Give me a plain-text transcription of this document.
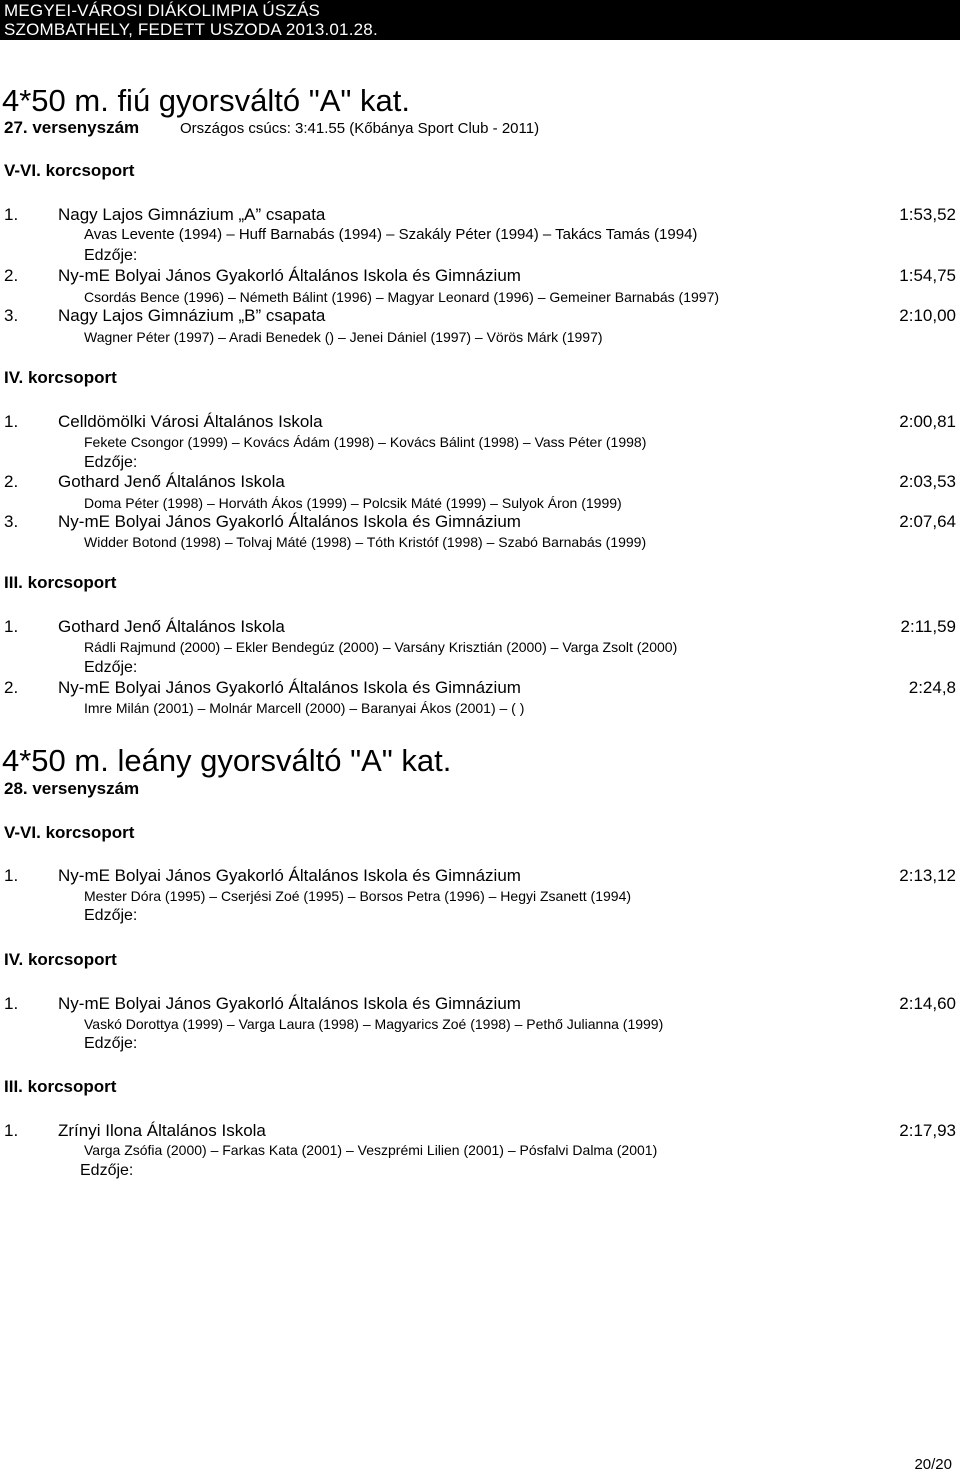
MEGYEI-VÁROSI DIÁKOLIMPIA ÚSZÁS
SZOMBATHELY, FEDETT USZODA 2013.01.28.
4*50 m. fiú gyorsváltó "A" kat.
27. versenyszám	Országos csúcs: 3:41.55 (Kőbánya Sport Club - 2011)
V-VI. korcsoport
1. Nagy Lajos Gimnázium „A” csapata	1:53,52
Avas Levente (1994) – Huff Barnabás (1994) – Szakály Péter (1994) – Takács Tamás (1994)
Edzője:
2. Ny-mE Bolyai János Gyakorló Általános Iskola és Gimnázium	1:54,75
Csordás Bence (1996) – Németh Bálint (1996) – Magyar Leonard (1996) – Gemeiner Barnabás (1997)
3. Nagy Lajos Gimnázium „B” csapata	2:10,00
Wagner Péter (1997) – Aradi Benedek () – Jenei Dániel (1997) – Vörös Márk (1997)
IV. korcsoport
1. Celldömölki Városi Általános Iskola	2:00,81
Fekete Csongor (1999) – Kovács Ádám (1998) – Kovács Bálint (1998) – Vass Péter (1998)
Edzője:
2. Gothard Jenő Általános Iskola	2:03,53
Doma Péter (1998) – Horváth Ákos (1999) – Polcsik Máté (1999) – Sulyok Áron (1999)
3. Ny-mE Bolyai János Gyakorló Általános Iskola és Gimnázium	2:07,64
Widder Botond (1998) – Tolvaj Máté (1998) – Tóth Kristóf (1998) – Szabó Barnabás (1999)
III. korcsoport
1. Gothard Jenő Általános Iskola	2:11,59
Rádli Rajmund (2000) – Ekler Bendegúz (2000) – Varsány Krisztián (2000) – Varga Zsolt (2000)
Edzője:
2. Ny-mE Bolyai János Gyakorló Általános Iskola és Gimnázium	2:24,8
Imre Milán (2001) – Molnár Marcell (2000) – Baranyai Ákos (2001) – ( )
4*50 m. leány gyorsváltó "A" kat.
28. versenyszám
V-VI. korcsoport
1. Ny-mE Bolyai János Gyakorló Általános Iskola és Gimnázium	2:13,12
Mester Dóra (1995) – Cserjési Zoé (1995) – Borsos Petra (1996) – Hegyi Zsanett (1994)
Edzője:
IV. korcsoport
1. Ny-mE Bolyai János Gyakorló Általános Iskola és Gimnázium	2:14,60
Vaskó Dorottya (1999) – Varga Laura (1998) – Magyarics Zoé (1998) – Pethő Julianna (1999)
Edzője:
III. korcsoport
1. Zrínyi Ilona Általános Iskola	2:17,93
Varga Zsófia (2000) – Farkas Kata (2001) – Veszprémi Lilien (2001) – Pósfalvi Dalma (2001)
Edzője:
20/20
